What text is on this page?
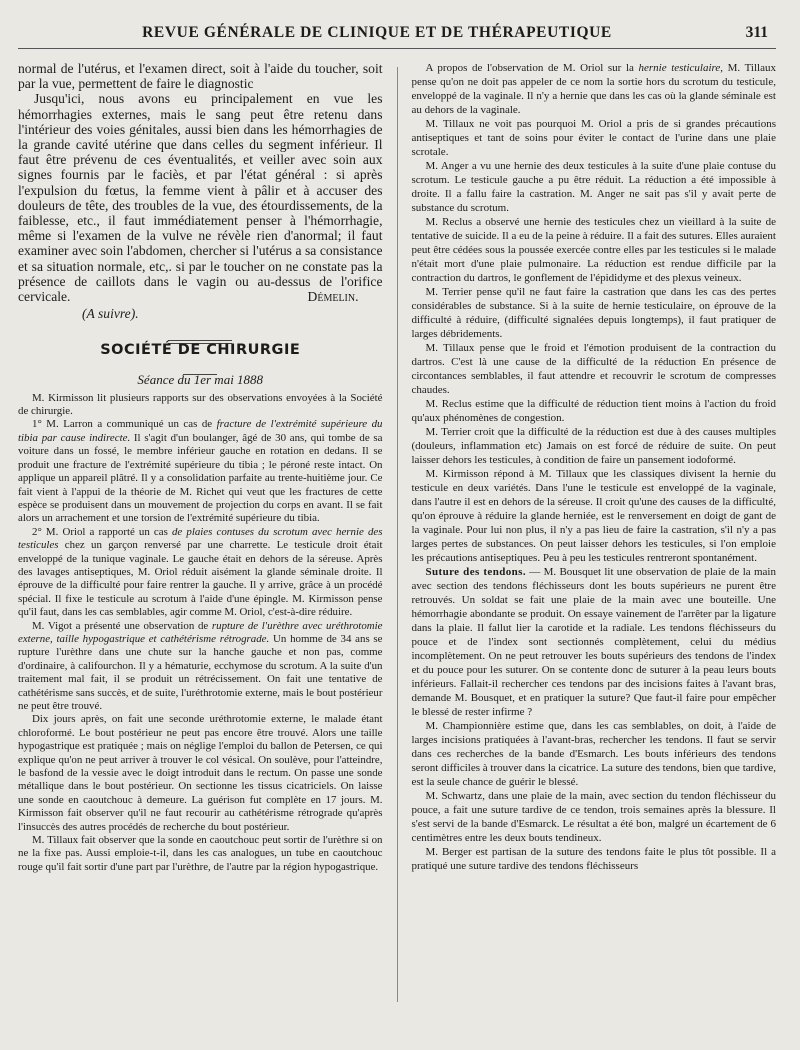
REVUE GÉNÉRALE DE CLINIQUE ET DE THÉRAPEUTIQUE	311

normal de l'utérus, et l'examen direct, soit à l'aide du toucher, soit par la vue, permettent de faire le diagnostic

Jusqu'ici, nous avons eu principalement en vue les hémorrhagies externes, mais le sang peut être retenu dans l'intérieur des voies génitales, aussi bien dans les hémorrhagies de la grande cavité utérine que dans celles du segment inférieur. Il faut être prévenu de ces éventualités, et veiller avec soin aux signes fournis par le faciès, et par l'état général : si après l'expulsion du fœtus, la femme vient à pâlir et à accuser des douleurs de tête, des troubles de la vue, des étourdissements, de la faiblesse, etc., il faut immédiatement penser à l'hémorrhagie, même si l'examen de la vulve ne révèle rien d'anormal; il faut examiner avec soin l'abdomen, chercher si l'utérus a sa consistance et sa situation normale, etc,. si par le toucher on ne constate pas la présence de caillots dans le vagin ou au-dessus de l'orifice cervicale.	Démelin.

(A suivre).

SOCIÉTÉ DE CHIRURGIE
Séance du 1er mai 1888

M. Kirmisson lit plusieurs rapports sur des observations envoyées à la Société de chirurgie.

1° M. Larron a communiqué un cas de fracture de l'extrémité supérieure du tibia par cause indirecte. Il s'agit d'un boulanger, âgé de 30 ans, qui tombe de sa voiture dans un fossé, le membre inférieur gauche en rotation en dedans. Il se produit une fracture de l'extrémité supérieure du tibia ; le péroné reste intact. On applique un appareil plâtré. Il y a consolidation parfaite au trente-huitième jour. Ce fait vient à l'appui de la théorie de M. Richet qui veut que les fractures de cette espèce se produisent dans un mouvement de projection du corps en avant. Il se fait alors un arrachement et une torsion de l'extrémité supérieure du tibia.

2° M. Oriol a rapporté un cas de plaies contuses du scrotum avec hernie des testicules chez un garçon renversé par une charrette. Le testicule droit était enveloppé de la tunique vaginale. Le gauche était en dehors de la séreuse. Après des lavages antiseptiques, M. Oriol réduit aisément la glande séminale droite. Il éprouve de la difficulté pour faire rentrer la gauche. Il y arrive, grâce à un procédé spécial. Il fixe le testicule au scrotum à l'aide d'une épingle. M. Kirmisson pense qu'il faut, dans les cas semblables, agir comme M. Oriol, c'est-à-dire réduire.

M. Vigot a présenté une observation de rupture de l'urèthre avec uréthrotomie externe, taille hypogastrique et cathétérisme rétrograde. Un homme de 34 ans se rupture l'urèthre dans une chute sur la hanche gauche et non pas, comme d'ordinaire, à califourchon. Il y a hématurie, ecchymose du scrotum. A la suite d'un traitement mal fait, il se produit un rétrécissement. On fait une tentative de cathétérisme sans succès, et de suite, l'uréthrotomie externe, mais le bout postérieur ne peut être trouvé.

Dix jours après, on fait une seconde uréthrotomie externe, le malade étant chloroformé. Le bout postérieur ne peut pas encore être trouvé. Alors une taille hypogastrique est pratiquée ; mais on néglige l'emploi du ballon de Petersen, ce qui explique qu'on ne peut arriver à trouver le col vésical. On soulève, pour l'atteindre, le basfond de la vessie avec le doigt introduit dans le rectum. On passe une sonde métallique dans le bout postérieur. On sectionne les tissus cicatriciels. On laisse une sonde en caoutchouc à demeure. La guérison fut complète en 17 jours. M. Kirmisson fait observer qu'il ne faut recourir au cathétérisme rétrograde qu'après l'insuccès des autres procédés de recherche du bout postérieur.

M. Tillaux fait observer que la sonde en caoutchouc peut sortir de l'urèthre si on ne la fixe pas. Aussi emploie-t-il, dans les cas analogues, un tube en caoutchouc rouge qu'il fait sortir d'une part par l'urèthre, de l'autre par la région hypogastrique.

A propos de l'observation de M. Oriol sur la hernie testiculaire, M. Tillaux pense qu'on ne doit pas appeler de ce nom la sortie hors du scrotum du testicule, enveloppé de la vaginale. Il n'y a hernie que dans les cas où la glande séminale est au dehors de la vaginale.

M. Tillaux ne voit pas pourquoi M. Oriol a pris de si grandes précautions antiseptiques et tant de soins pour éviter le contact de l'urine dans une plaie scrotale.

M. Anger a vu une hernie des deux testicules à la suite d'une plaie contuse du scrotum. Le testicule gauche a pu être réduit. La réduction a été impossible à droite. Il a fallu faire la castration. M. Anger ne sait pas s'il y avait perte de substance du scrotum.

M. Reclus a observé une hernie des testicules chez un vieillard à la suite de tentative de suicide. Il a eu de la peine à réduire. Il a fait des sutures. Elles auraient peut être cédées sous la poussée exercée contre elles par les testicules si le malade n'était mort d'une plaie pulmonaire. La réduction est rendue difficile par la contraction du dartros, le gonflement de l'épididyme et des plexus veineux.

M. Terrier pense qu'il ne faut faire la castration que dans les cas des pertes considérables de substance. Si à la suite de hernie testiculaire, on éprouve de la difficulté à réduire, (difficulté signalées depuis longtemps), il faut pratiquer de larges débridements.

M. Tillaux pense que le froid et l'émotion produisent de la contraction du dartros. C'est là une cause de la difficulté de la réduction En présence de circontances semblables, il faut attendre et recouvrir le scrotum de compresses chaudes.

M. Reclus estime que la difficulté de réduction tient moins à l'action du froid qu'aux phénomènes de congestion.

M. Terrier croit que la difficulté de la réduction est due à des causes multiples (douleurs, inflammation etc) Jamais on est forcé de réduire de suite. On peut laisser dehors les testicules, à condition de faire un pansement iodoformé.

M. Kirmisson répond à M. Tillaux que les classiques divisent la hernie du testicule en deux variétés. Dans l'une le testicule est enveloppé de la vaginale, dans l'autre il est en dehors de la séreuse. Il croit qu'une des causes de la difficulté, qu'on éprouve à réduire la glande herniée, est le renversement en doigt de gant de la vaginale. Pour lui non plus, il n'y a pas lieu de faire la castration, s'il n'y a pas larges pertes de substances. On peut laisser dehors les testicules, si l'on emploie les précautions antiseptiques. Peu à peu les testicules rentreront spontanément.

Suture des tendons. — M. Bousquet lit une observation de plaie de la main avec section des tendons fléchisseurs dont les bouts supérieurs ne purent être retrouvés. Un soldat se fait une plaie de la main avec une bouteille. Une hémorrhagie abondante se produit. On essaye vainement de l'arrêter par la ligature dans la plaie. Il fallut lier la carotide et la radiale. Les tendons fléchisseurs du pouce et de l'index sont sectionnés complètement, celui du médius incomplètement. On ne peut retrouver les bouts supérieurs des tendons de l'index et du pouce pour les suturer. On se contente donc de suturer à la peau leurs bouts inférieurs. Fallait-il rechercher ces tendons par des incisions faites à l'avant bras, demande M. Bousquet, et en pratiquer la suture? Que faut-il faire pour empêcher le blessé de rester infirme ?

M. Championnière estime que, dans les cas semblables, on doit, à l'aide de larges incisions pratiquées à l'avant-bras, rechercher les tendons. Il faut se servir dans ces recherches de la bande d'Esmarch. Les bouts inférieurs des tendons seront difficiles à trouver dans la cicatrice. La suture des tendons, bien que tardive, est la seule chance de guérir le blessé.

M. Schwartz, dans une plaie de la main, avec section du tendon fléchisseur du pouce, a fait une suture tardive de ce tendon, trois semaines après la blessure. Il s'est servi de la bande d'Esmarck. Le résultat a été bon, malgré un écartement de 6 centimètres entre les deux bouts tendineux.

M. Berger est partisan de la suture des tendons faite le plus tôt possible. Il a pratiqué une suture tardive des tendons fléchisseurs
